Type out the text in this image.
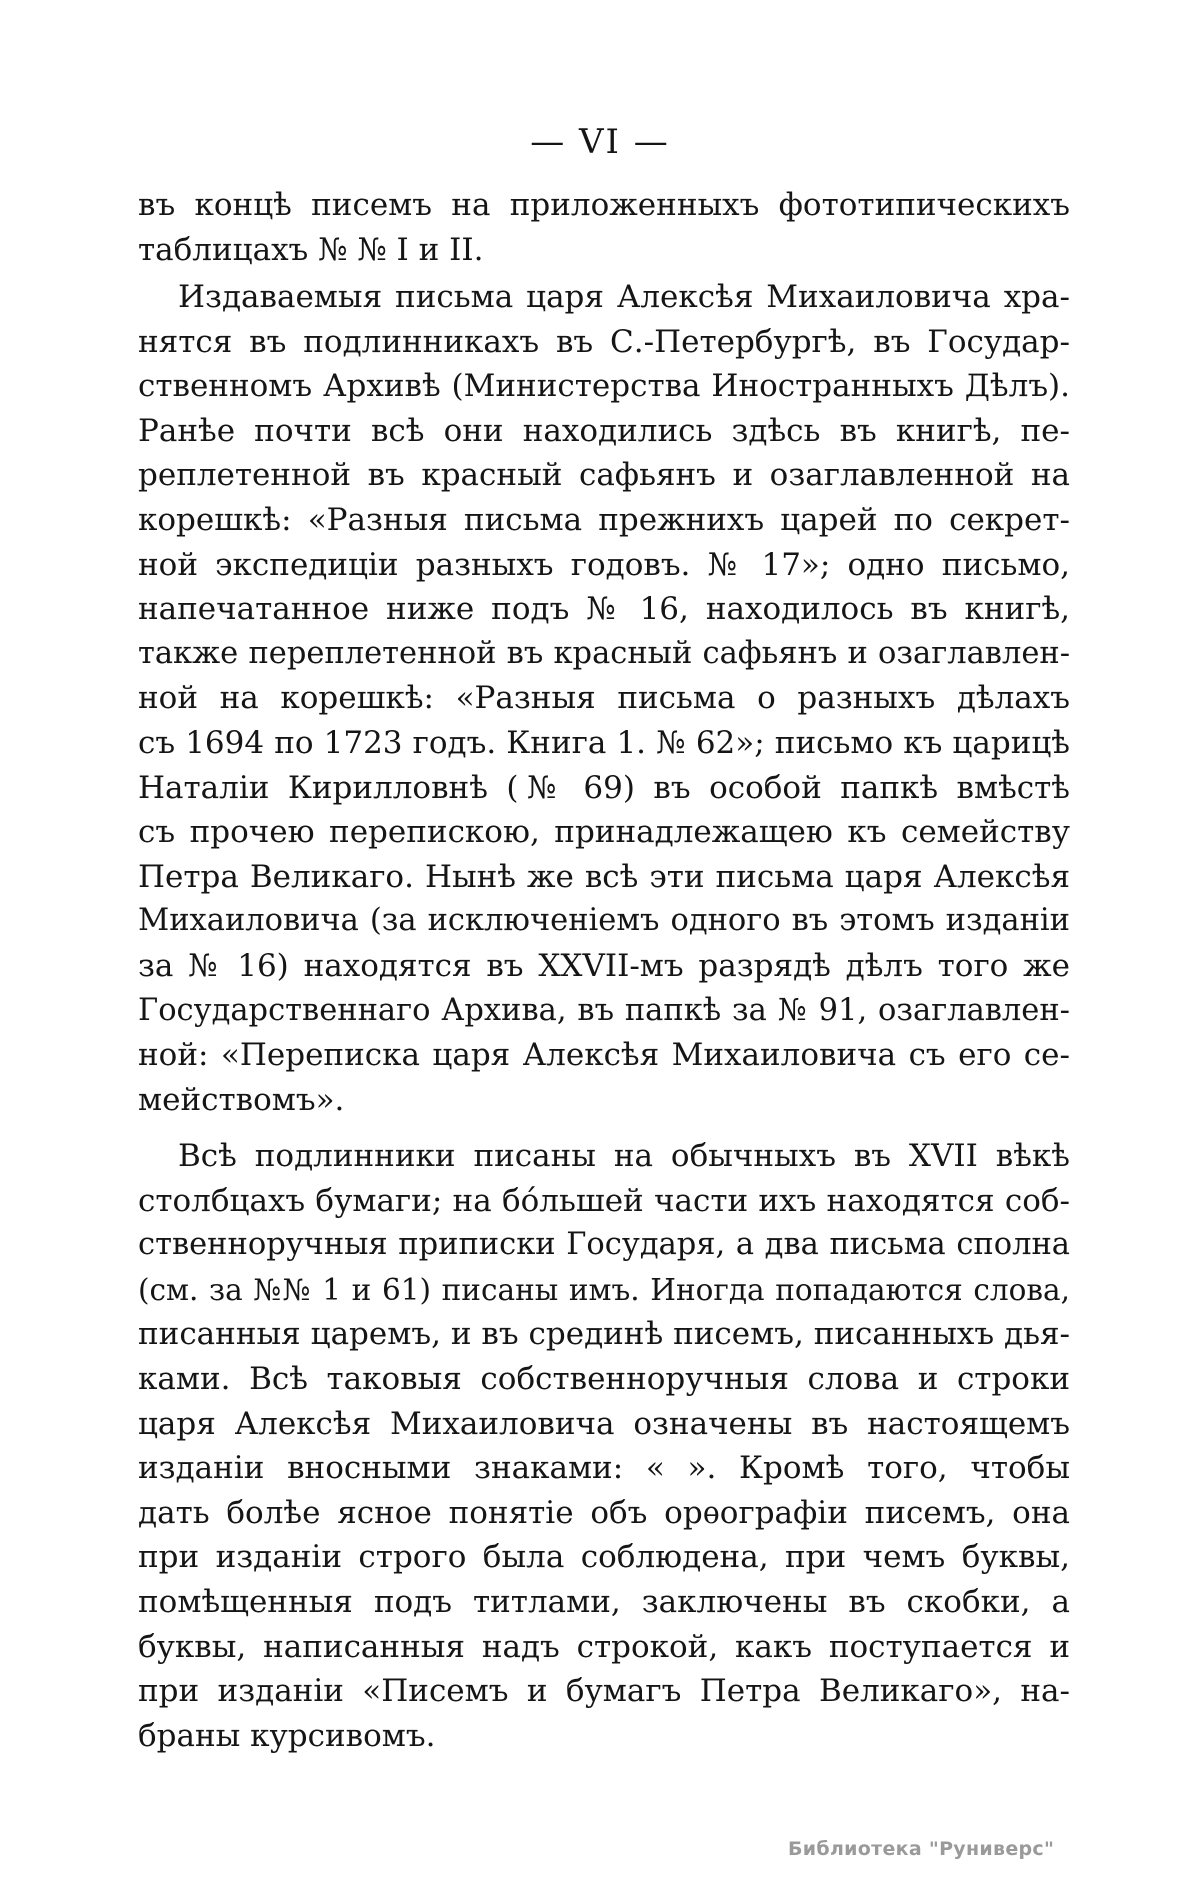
— VI —
въ концѣ писемъ на приложенныхъ фототипическихъ
таблицахъ № № I и II.
Издаваемыя письма царя Алексѣя Михаиловича хра-
нятся въ подлинникахъ въ С.-Петербургѣ, въ Государ-
ственномъ Архивѣ (Министерства Иностранныхъ Дѣлъ).
Ранѣе почти всѣ они находились здѣсь въ книгѣ, пе-
реплетенной въ красный сафьянъ и озаглавленной на
корешкѣ: «Разныя письма прежнихъ царей по секрет-
ной экспедицiи разныхъ годовъ. № 17»; одно письмо,
напечатанное ниже подъ № 16, находилось въ книгѣ,
также переплетенной въ красный сафьянъ и озаглавлен-
ной на корешкѣ: «Разныя письма о разныхъ дѣлахъ
съ 1694 по 1723 годъ. Книга 1. № 62»; письмо къ царицѣ
Наталiи Кирилловнѣ (№ 69) въ особой папкѣ вмѣстѣ
съ прочею перепискою, принадлежащею къ семейству
Петра Великаго. Нынѣ же всѣ эти письма царя Алексѣя
Михаиловича (за исключенiемъ одного въ этомъ изданiи
за № 16) находятся въ XXVII-мъ разрядѣ дѣлъ того же
Государственнаго Архива, въ папкѣ за № 91, озаглавлен-
ной: «Переписка царя Алексѣя Михаиловича съ его се-
мействомъ».
Всѣ подлинники писаны на обычныхъ въ XVII вѣкѣ
столбцахъ бумаги; на бóльшей части ихъ находятся соб-
ственноручныя приписки Государя, а два письма сполна
(см. за №№ 1 и 61) писаны имъ. Иногда попадаются слова,
писанныя царемъ, и въ срединѣ писемъ, писанныхъ дья-
ками. Всѣ таковыя собственноручныя слова и строки
царя Алексѣя Михаиловича означены въ настоящемъ
изданiи вносными знаками: « ». Кромѣ того, чтобы
дать болѣе ясное понятiе объ орѳографiи писемъ, она
при изданiи строго была соблюдена, при чемъ буквы,
помѣщенныя подъ титлами, заключены въ скобки, а
буквы, написанныя надъ строкой, какъ поступается и
при изданiи «Писемъ и бумагъ Петра Великаго», на-
браны курсивомъ.
Библиотека "Руниверс"
